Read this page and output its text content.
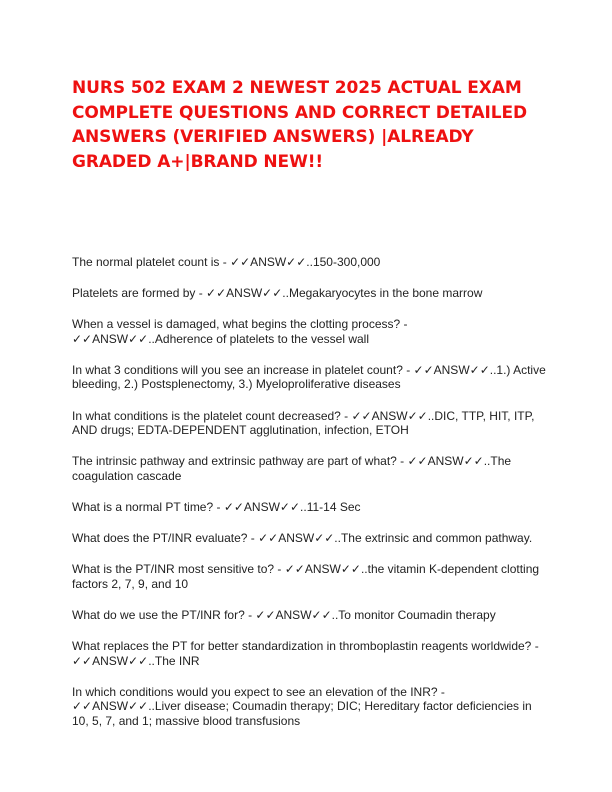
NURS 502 EXAM 2 NEWEST 2025 ACTUAL EXAM COMPLETE QUESTIONS AND CORRECT DETAILED ANSWERS (VERIFIED ANSWERS) |ALREADY GRADED A+|BRAND NEW!!
The normal platelet count is - ✓✓ANSW✓✓..150-300,000
Platelets are formed by - ✓✓ANSW✓✓..Megakaryocytes in the bone marrow
When a vessel is damaged, what begins the clotting process? - ✓✓ANSW✓✓..Adherence of platelets to the vessel wall
In what 3 conditions will you see an increase in platelet count? - ✓✓ANSW✓✓..1.) Active bleeding, 2.) Postsplenectomy, 3.) Myeloproliferative diseases
In what conditions is the platelet count decreased? - ✓✓ANSW✓✓..DIC, TTP, HIT, ITP, AND drugs; EDTA-DEPENDENT agglutination, infection, ETOH
The intrinsic pathway and extrinsic pathway are part of what? - ✓✓ANSW✓✓..The coagulation cascade
What is a normal PT time? - ✓✓ANSW✓✓..11-14 Sec
What does the PT/INR evaluate? - ✓✓ANSW✓✓..The extrinsic and common pathway.
What is the PT/INR most sensitive to? - ✓✓ANSW✓✓..the vitamin K-dependent clotting factors 2, 7, 9, and 10
What do we use the PT/INR for? - ✓✓ANSW✓✓..To monitor Coumadin therapy
What replaces the PT for better standardization in thromboplastin reagents worldwide? - ✓✓ANSW✓✓..The INR
In which conditions would you expect to see an elevation of the INR? - ✓✓ANSW✓✓..Liver disease; Coumadin therapy; DIC; Hereditary factor deficiencies in 10, 5, 7, and 1; massive blood transfusions
